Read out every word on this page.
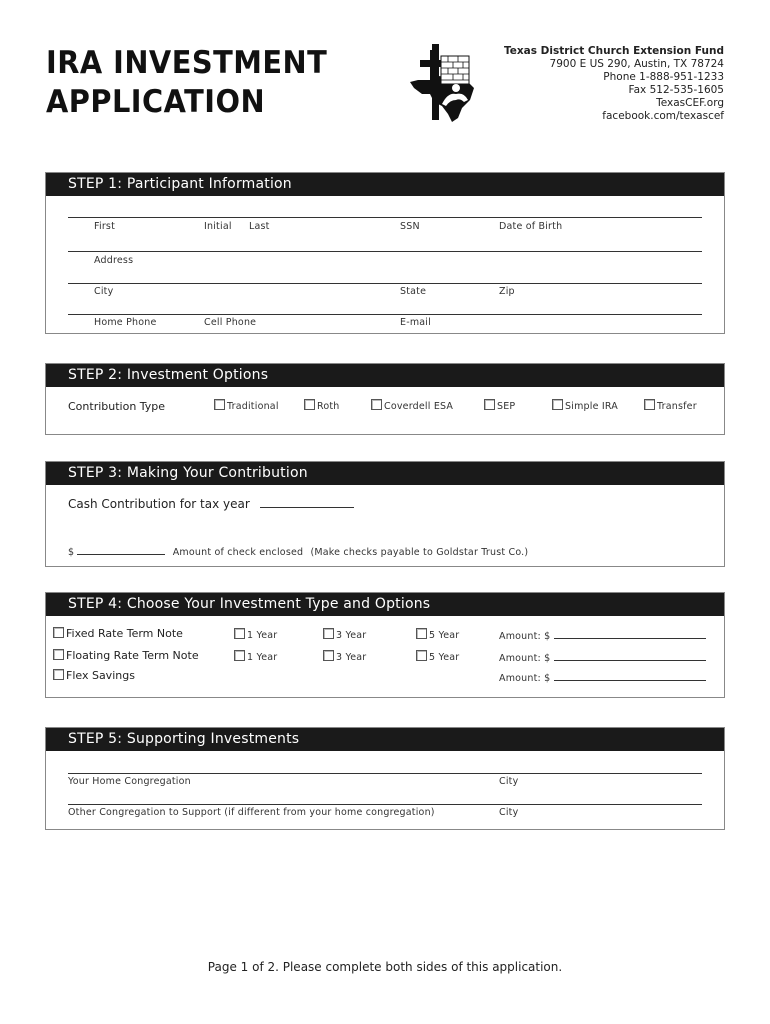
IRA INVESTMENT
APPLICATION
Texas District Church Extension Fund
7900 E US 290, Austin, TX 78724
Phone 1-888-951-1233
Fax 512-535-1605
TexasCEF.org
facebook.com/texascef
STEP 1: Participant Information
First	Initial Last	SSN	Date of Birth
Address
City	State	Zip
Home Phone	Cell Phone	E-mail
STEP 2: Investment Options
Contribution Type	Traditional	Roth	Coverdell ESA	SEP	Simple IRA	Transfer
STEP 3: Making Your Contribution
Cash Contribution for tax year
$	Amount of check enclosed (Make checks payable to Goldstar Trust Co.)
STEP 4: Choose Your Investment Type and Options
Fixed Rate Term Note	1 Year	3 Year	5 Year	Amount: $
Floating Rate Term Note	1 Year	3 Year	5 Year	Amount: $
Flex Savings	Amount: $
STEP 5: Supporting Investments
Your Home Congregation	City
Other Congregation to Support (if different from your home congregation)	City
Page 1 of 2. Please complete both sides of this application.
